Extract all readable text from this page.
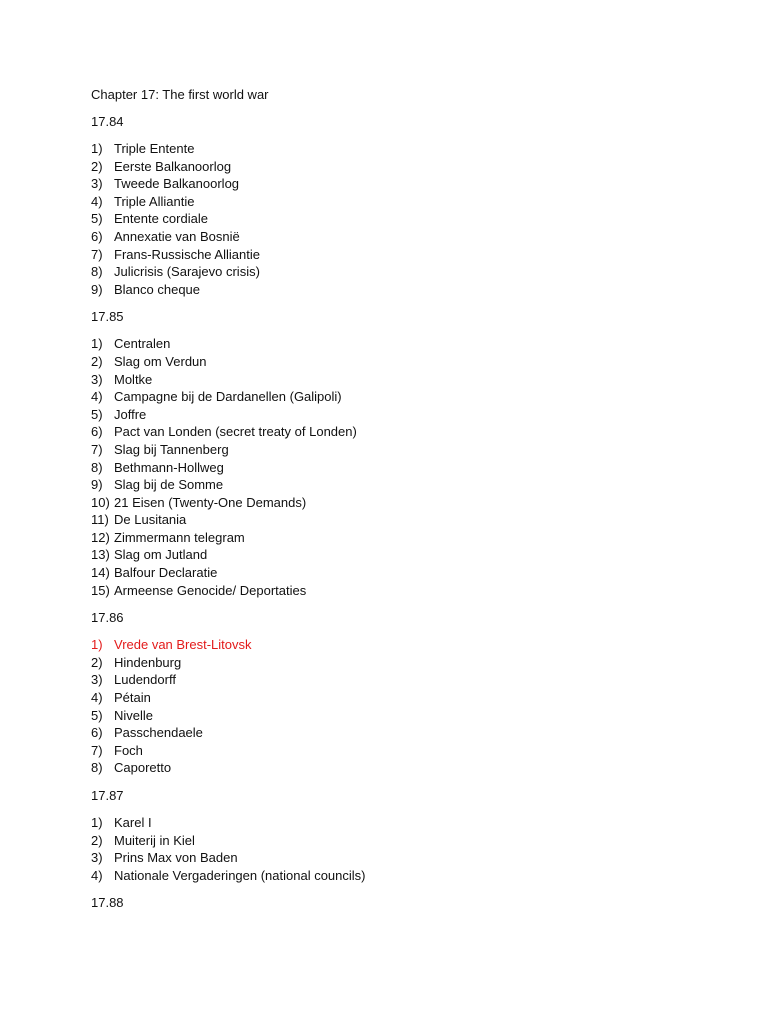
Chapter 17: The first world war
17.84
1) Triple Entente
2) Eerste Balkanoorlog
3) Tweede Balkanoorlog
4) Triple Alliantie
5) Entente cordiale
6) Annexatie van Bosnië
7) Frans-Russische Alliantie
8) Julicrisis (Sarajevo crisis)
9) Blanco cheque
17.85
1) Centralen
2) Slag om Verdun
3) Moltke
4) Campagne bij de Dardanellen (Galipoli)
5) Joffre
6) Pact van Londen (secret treaty of Londen)
7) Slag bij Tannenberg
8) Bethmann-Hollweg
9) Slag bij de Somme
10) 21 Eisen (Twenty-One Demands)
11) De Lusitania
12) Zimmermann telegram
13) Slag om Jutland
14) Balfour Declaratie
15) Armeense Genocide/ Deportaties
17.86
1) Vrede van Brest-Litovsk
2) Hindenburg
3) Ludendorff
4) Pétain
5) Nivelle
6) Passchendaele
7) Foch
8) Caporetto
17.87
1) Karel I
2) Muiterij in Kiel
3) Prins Max von Baden
4) Nationale Vergaderingen (national councils)
17.88
